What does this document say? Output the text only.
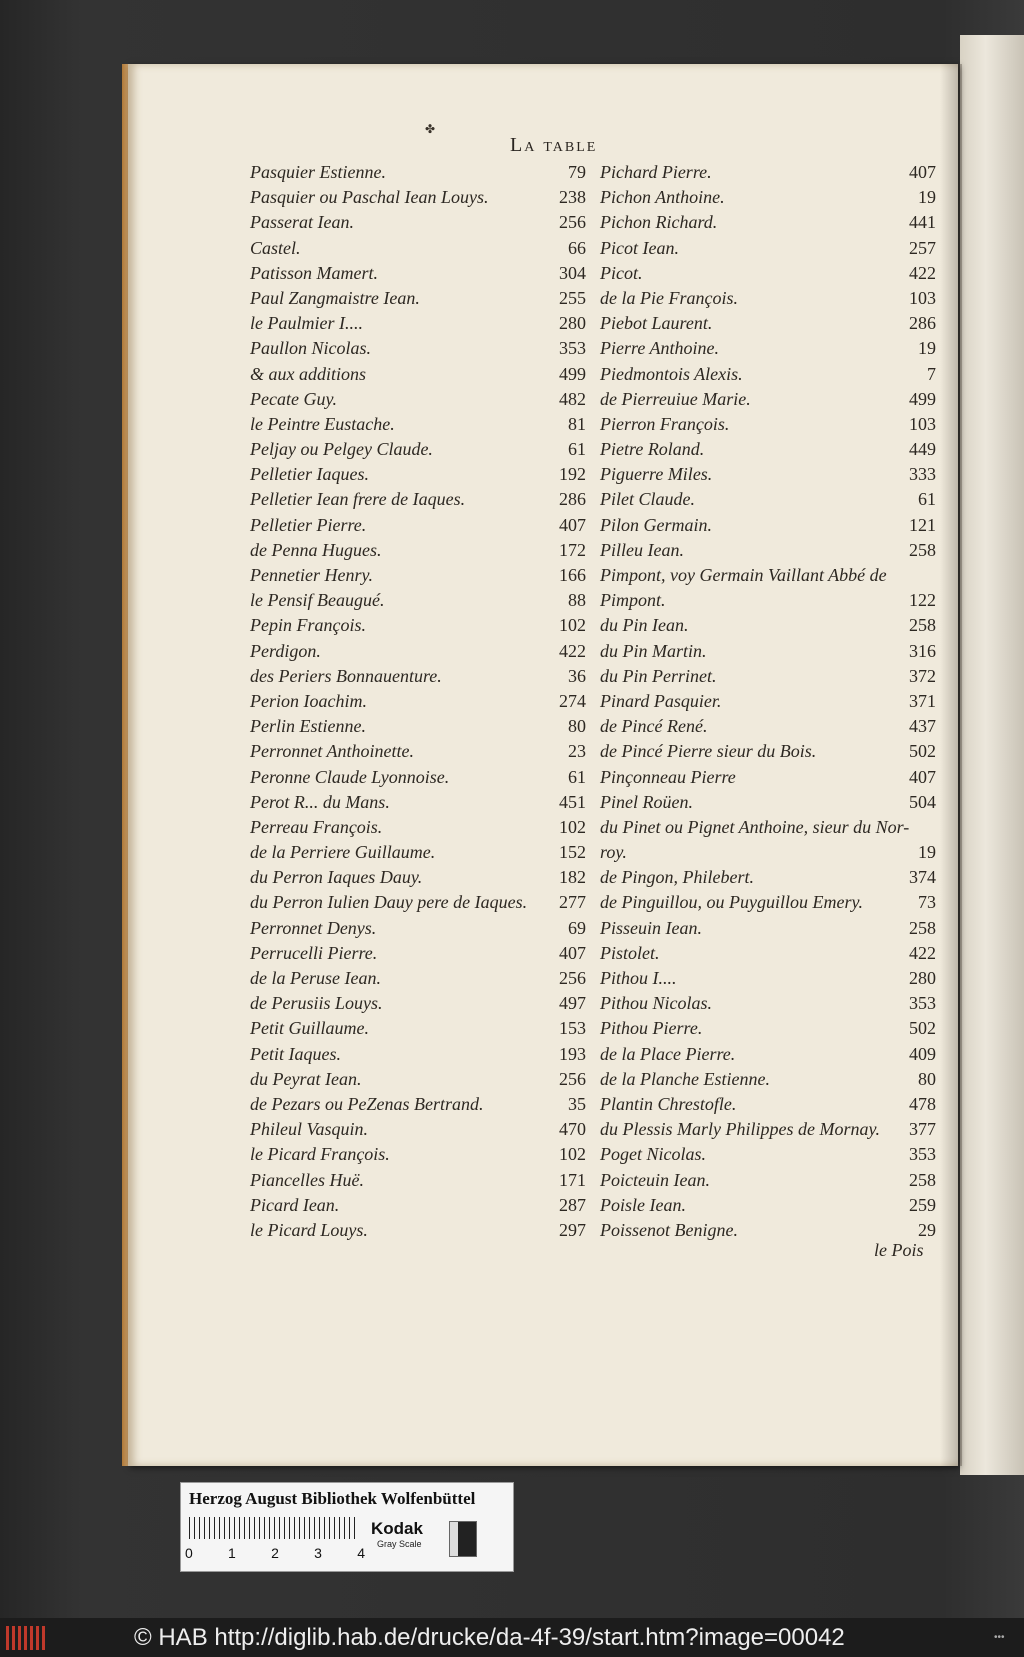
✤
La table
Pasquier Estienne.	79
Pasquier ou Paschal Iean Louys.	238
Passerat Iean.	256
Castel.	66
Patisson Mamert.	304
Paul Zangmaistre Iean.	255
le Paulmier I....	280
Paullon Nicolas.	353
& aux additions	499
Pecate Guy.	482
le Peintre Eustache.	81
Peljay ou Pelgey Claude.	61
Pelletier Iaques.	192
Pelletier Iean frere de Iaques.	286
Pelletier Pierre.	407
de Penna Hugues.	172
Pennetier Henry.	166
le Pensif Beaugué.	88
Pepin François.	102
Perdigon.	422
des Periers Bonnauenture.	36
Perion Ioachim.	274
Perlin Estienne.	80
Perronnet Anthoinette.	23
Peronne Claude Lyonnoise.	61
Perot R... du Mans.	451
Perreau François.	102
de la Perriere Guillaume.	152
du Perron Iaques Dauy.	182
du Perron Iulien Dauy pere de Iaques. 277
Perronnet Denys.	69
Perrucelli Pierre.	407
de la Peruse Iean.	256
de Perusiis Louys.	497
Petit Guillaume.	153
Petit Iaques.	193
du Peyrat Iean.	256
de Pezars ou PeZenas Bertrand.	35
Phileul Vasquin.	470
le Picard François.	102
Piancelles Huë.	171
Picard Iean.	287
le Picard Louys.	297
Pichard Pierre.	407
Pichon Anthoine.	19
Pichon Richard.	441
Picot Iean.	257
Picot.	422
de la Pie François.	103
Piebot Laurent.	286
Pierre Anthoine.	19
Piedmontois Alexis.	7
de Pierreuiue Marie.	499
Pierron François.	103
Pietre Roland.	449
Piguerre Miles.	333
Pilet Claude.	61
Pilon Germain.	121
Pilleu Iean.	258
Pimpont, voy Germain Vaillant Abbé de
Pimpont.	122
du Pin Iean.	258
du Pin Martin.	316
du Pin Perrinet.	372
Pinard Pasquier.	371
de Pincé René.	437
de Pincé Pierre sieur du Bois.	502
Pinçonneau Pierre	407
Pinel Roüen.	504
du Pinet ou Pignet Anthoine, sieur du Nor-
roy.	19
de Pingon, Philebert.	374
de Pinguillou, ou Puyguillou Emery.	73
Pisseuin Iean.	258
Pistolet.	422
Pithou I....	280
Pithou Nicolas.	353
Pithou Pierre.	502
de la Place Pierre.	409
de la Planche Estienne.	80
Plantin Chrestofle.	478
du Plessis Marly Philippes de Mornay. 377
Poget Nicolas.	353
Poicteuin Iean.	258
Poisle Iean.	259
Poissenot Benigne.	29
le Pois
Herzog August Bibliothek Wolfenbüttel
0	1	2	3	4
Kodak
Gray Scale
© HAB http://diglib.hab.de/drucke/da-4f-39/start.htm?image=00042	•••
